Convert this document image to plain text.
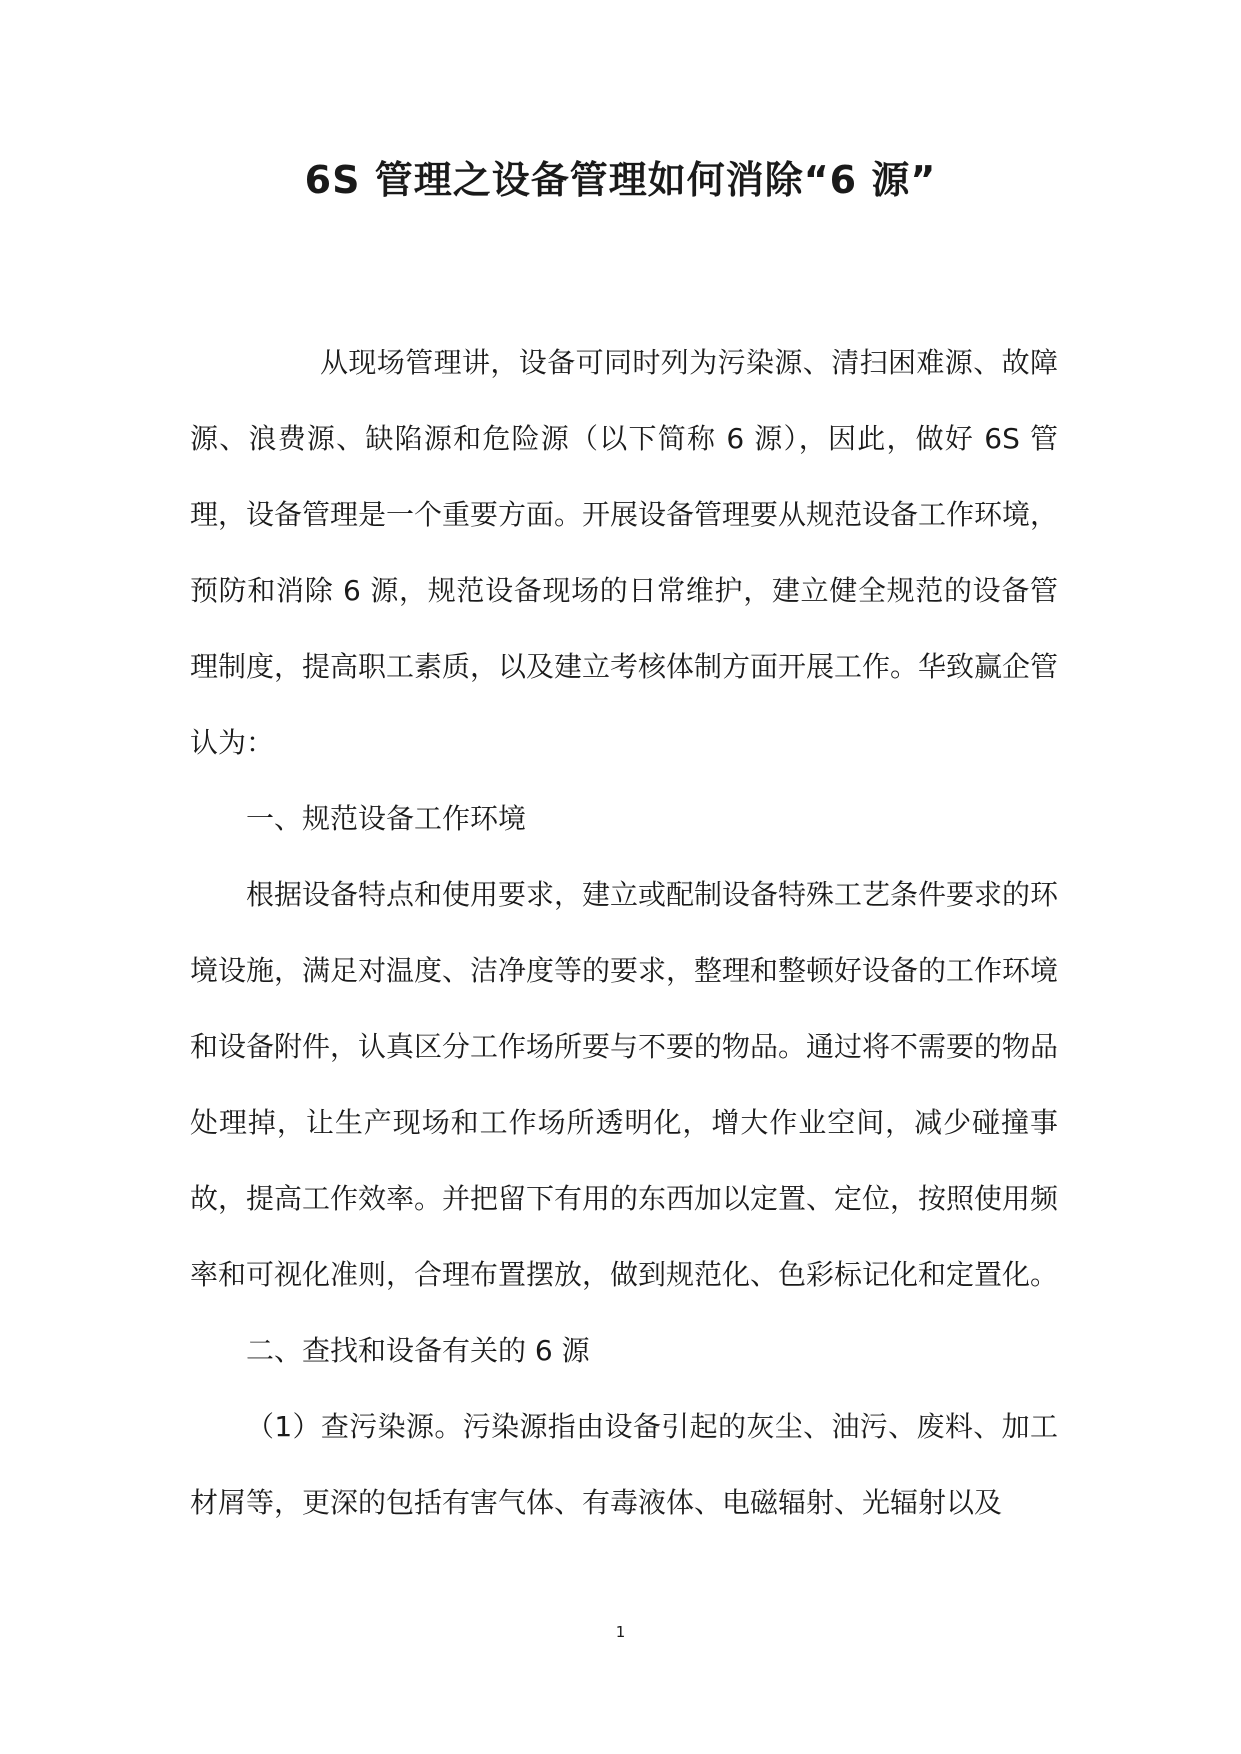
6S 管理之设备管理如何消除“6 源”

从现场管理讲，设备可同时列为污染源、清扫困难源、故障源、浪费源、缺陷源和危险源（以下简称 6 源），因此，做好 6S 管理，设备管理是一个重要方面。开展设备管理要从规范设备工作环境，预防和消除 6 源，规范设备现场的日常维护，建立健全规范的设备管理制度，提高职工素质，以及建立考核体制方面开展工作。华致赢企管认为：

一、规范设备工作环境

根据设备特点和使用要求，建立或配制设备特殊工艺条件要求的环境设施，满足对温度、洁净度等的要求，整理和整顿好设备的工作环境和设备附件，认真区分工作场所要与不要的物品。通过将不需要的物品处理掉，让生产现场和工作场所透明化，增大作业空间，减少碰撞事故，提高工作效率。并把留下有用的东西加以定置、定位，按照使用频率和可视化准则，合理布置摆放，做到规范化、色彩标记化和定置化。

二、查找和设备有关的 6 源

（1）查污染源。污染源指由设备引起的灰尘、油污、废料、加工材屑等，更深的包括有害气体、有毒液体、电磁辐射、光辐射以及

1
